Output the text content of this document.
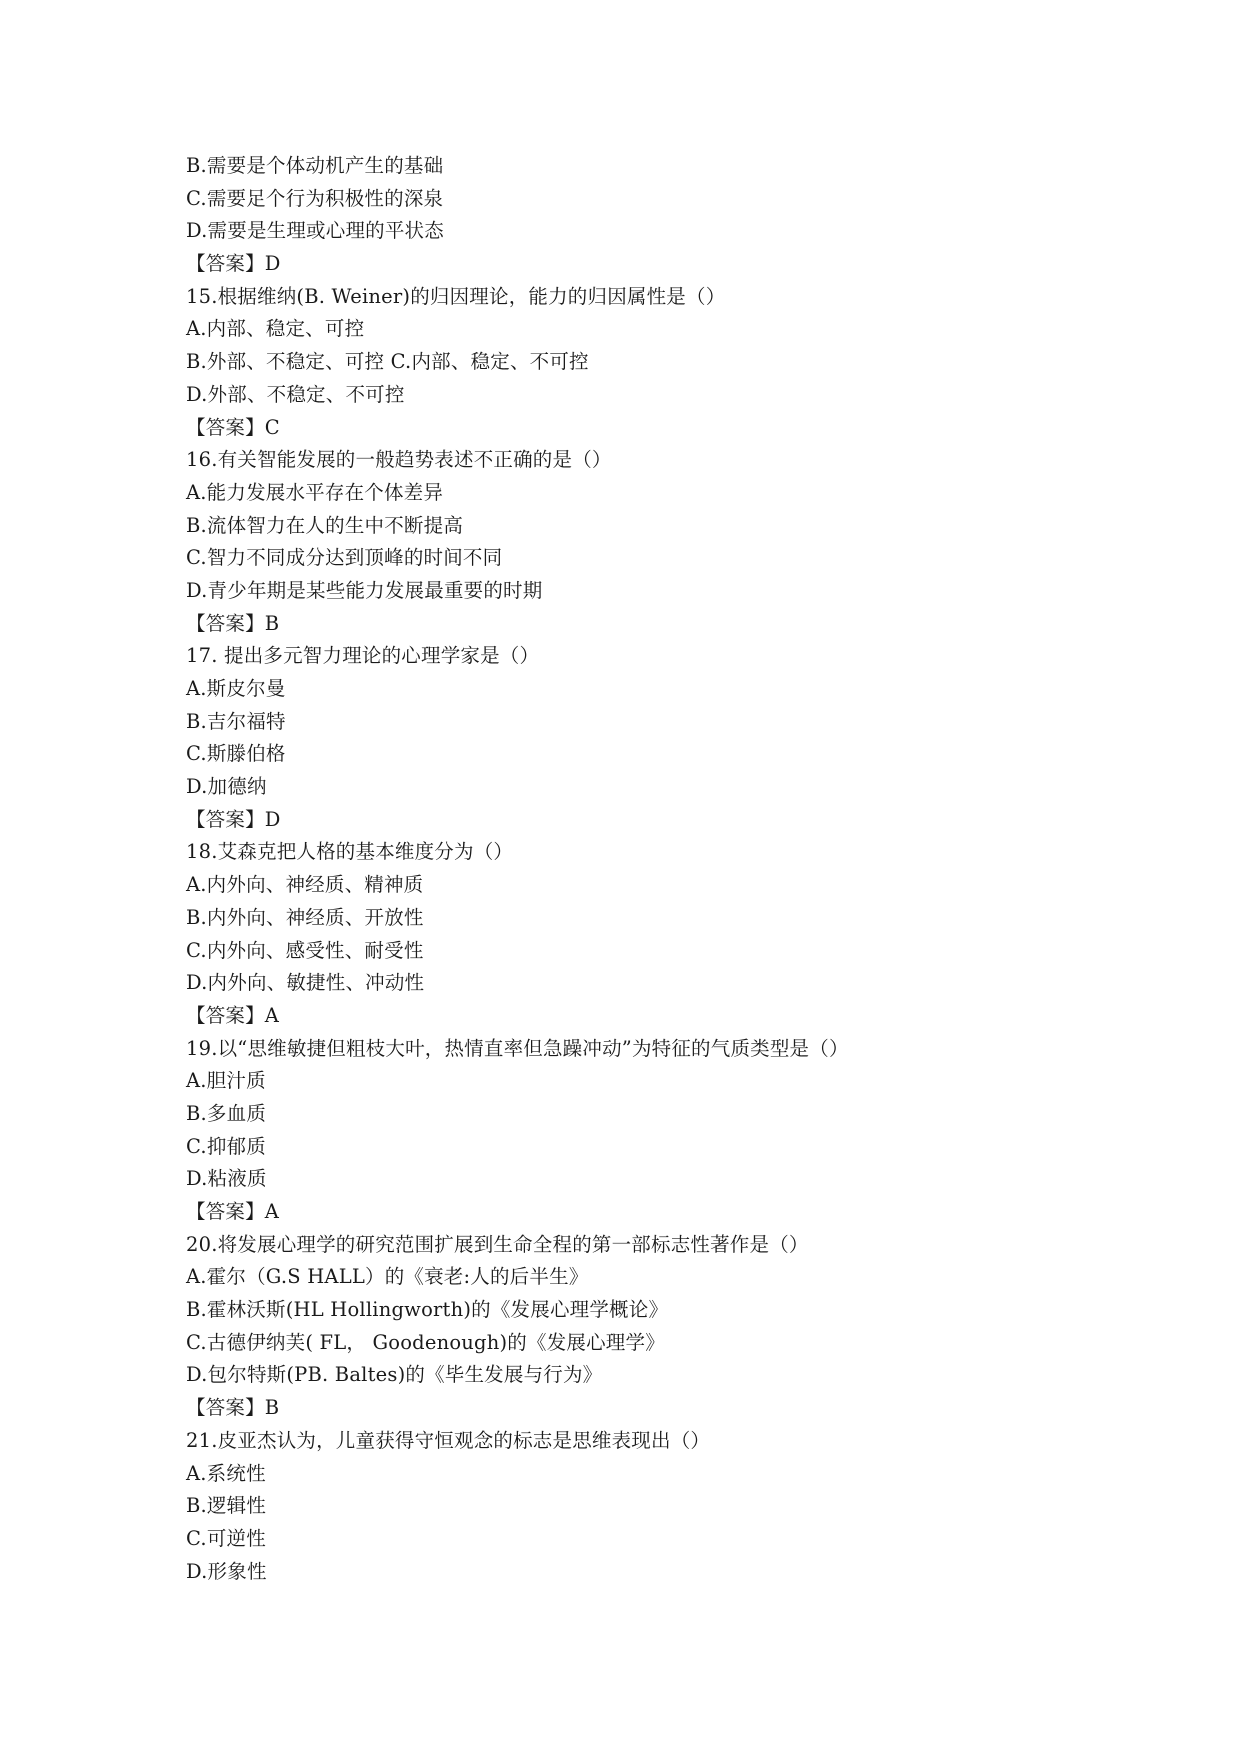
B.需要是个体动机产生的基础
C.需要足个行为积极性的深泉
D.需要是生理或心理的平状态
【答案】D
15.根据维纳(B. Weiner)的归因理论，能力的归因属性是（）
A.内部、稳定、可控
B.外部、不稳定、可控 C.内部、稳定、不可控
D.外部、不稳定、不可控
【答案】C
16.有关智能发展的一般趋势表述不正确的是（）
A.能力发展水平存在个体差异
B.流体智力在人的生中不断提高
C.智力不同成分达到顶峰的时间不同
D.青少年期是某些能力发展最重要的时期
【答案】B
17. 提出多元智力理论的心理学家是（）
A.斯皮尔曼
B.吉尔福特
C.斯滕伯格
D.加德纳
【答案】D
18.艾森克把人格的基本维度分为（）
A.内外向、神经质、精神质
B.内外向、神经质、开放性
C.内外向、感受性、耐受性
D.内外向、敏捷性、冲动性
【答案】A
19.以“思维敏捷但粗枝大叶，热情直率但急躁冲动”为特征的气质类型是（）
A.胆汁质
B.多血质
C.抑郁质
D.粘液质
【答案】A
20.将发展心理学的研究范围扩展到生命全程的第一部标志性著作是（）
A.霍尔（G.S HALL）的《衰老:人的后半生》
B.霍林沃斯(HL Hollingworth)的《发展心理学概论》
C.古德伊纳芙( FL， Goodenough)的《发展心理学》
D.包尔特斯(PB. Baltes)的《毕生发展与行为》
【答案】B
21.皮亚杰认为，儿童获得守恒观念的标志是思维表现出（）
A.系统性
B.逻辑性
C.可逆性
D.形象性
